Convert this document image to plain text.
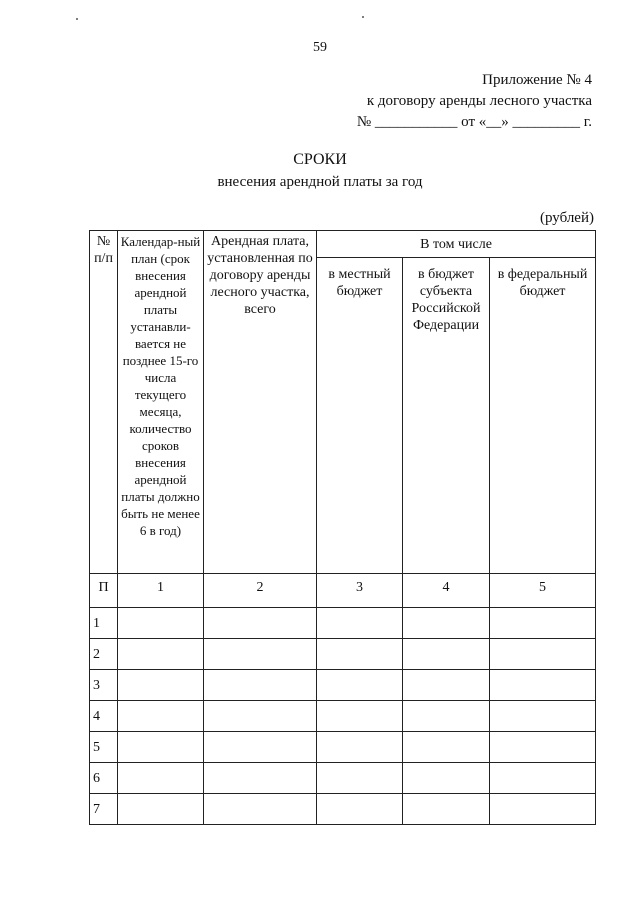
59
Приложение № 4
к договору аренды лесного участка
№ ___________ от «__» _________ г.
СРОКИ
внесения арендной платы за год
(рублей)
№ п/п	Календар-ный план (срок внесения арендной платы устанавли-вается не позднее 15-го числа текущего месяца, количество сроков внесения арендной платы должно быть не менее 6 в год)	Арендная плата, установленная по договору аренды лесного участка, всего	В том числе		
			в местный бюджет	в бюджет субъекта Российской Федерации	в федеральный бюджет
П	1	2	3	4	5
1					
2					
3					
4					
5					
6					
7					
